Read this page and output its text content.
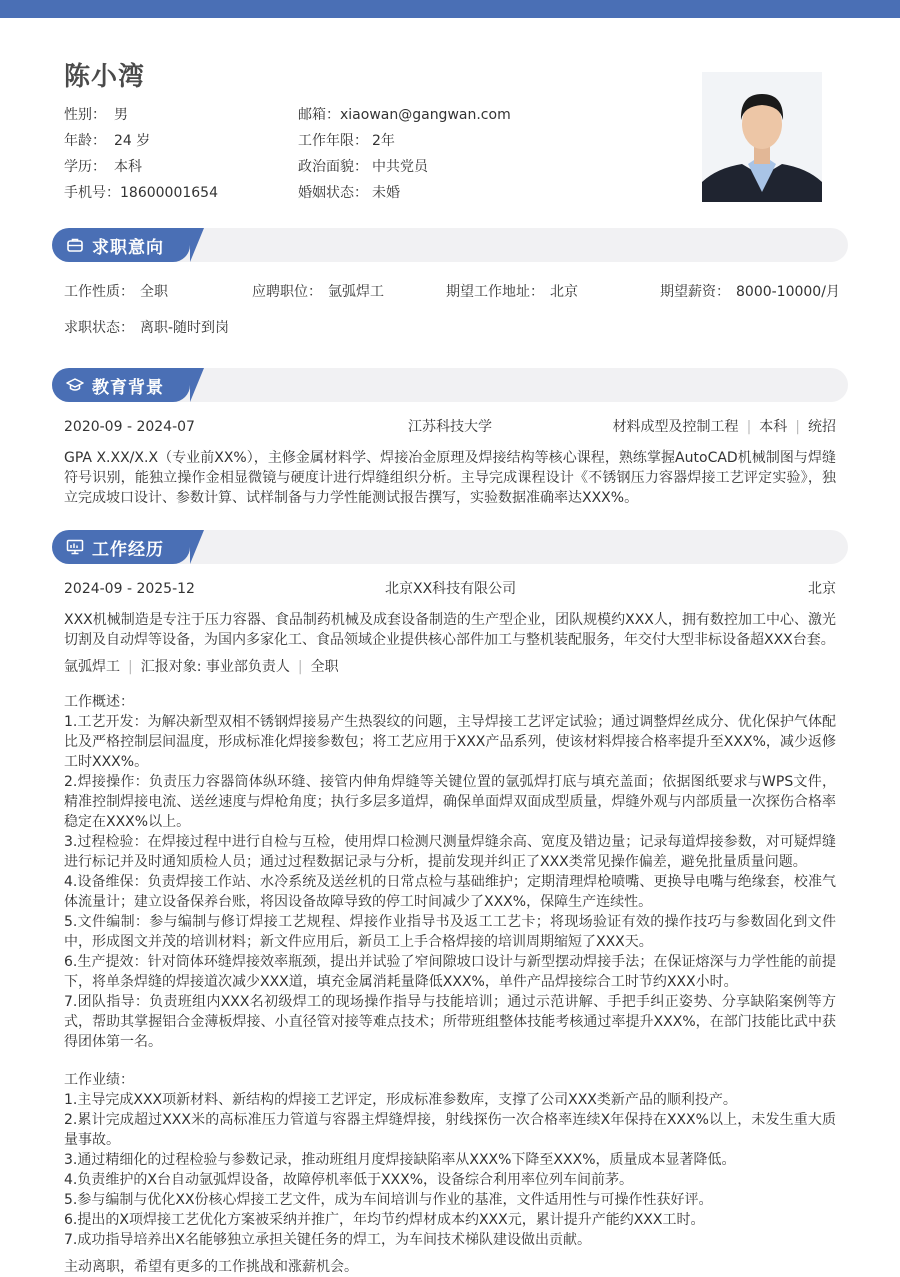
陈小湾
性别： 男
年龄： 24 岁
学历： 本科
手机号：18600001654
邮箱：xiaowan@gangwan.com
工作年限： 2年
政治面貌： 中共党员
婚姻状态： 未婚
求职意向
工作性质： 全职	应聘职位： 氩弧焊工	期望工作地址： 北京	期望薪资： 8000-10000/月
求职状态： 离职-随时到岗
教育背景
2020-09 - 2024-07	江苏科技大学	材料成型及控制工程 | 本科 | 统招
GPA X.XX/X.X（专业前XX%），主修金属材料学、焊接冶金原理及焊接结构等核心课程，熟练掌握AutoCAD机械制图与焊缝符号识别，能独立操作金相显微镜与硬度计进行焊缝组织分析。主导完成课程设计《不锈钢压力容器焊接工艺评定实验》，独立完成坡口设计、参数计算、试样制备与力学性能测试报告撰写，实验数据准确率达XXX%。
工作经历
2024-09 - 2025-12	北京XX科技有限公司	北京
XXX机械制造是专注于压力容器、食品制药机械及成套设备制造的生产型企业，团队规模约XXX人，拥有数控加工中心、激光切割及自动焊等设备，为国内多家化工、食品领域企业提供核心部件加工与整机装配服务，年交付大型非标设备超XXX台套。
氩弧焊工 | 汇报对象: 事业部负责人 | 全职
工作概述：
1.工艺开发：为解决新型双相不锈钢焊接易产生热裂纹的问题，主导焊接工艺评定试验；通过调整焊丝成分、优化保护气体配比及严格控制层间温度，形成标准化焊接参数包；将工艺应用于XXX产品系列，使该材料焊接合格率提升至XXX%，减少返修工时XXX%。
2.焊接操作：负责压力容器筒体纵环缝、接管内伸角焊缝等关键位置的氩弧焊打底与填充盖面；依据图纸要求与WPS文件，精准控制焊接电流、送丝速度与焊枪角度；执行多层多道焊，确保单面焊双面成型质量，焊缝外观与内部质量一次探伤合格率稳定在XXX%以上。
3.过程检验：在焊接过程中进行自检与互检，使用焊口检测尺测量焊缝余高、宽度及错边量；记录每道焊接参数，对可疑焊缝进行标记并及时通知质检人员；通过过程数据记录与分析，提前发现并纠正了XXX类常见操作偏差，避免批量质量问题。
4.设备维保：负责焊接工作站、水冷系统及送丝机的日常点检与基础维护；定期清理焊枪喷嘴、更换导电嘴与绝缘套，校准气体流量计；建立设备保养台账，将因设备故障导致的停工时间减少了XXX%，保障生产连续性。
5.文件编制：参与编制与修订焊接工艺规程、焊接作业指导书及返工工艺卡；将现场验证有效的操作技巧与参数固化到文件中，形成图文并茂的培训材料；新文件应用后，新员工上手合格焊接的培训周期缩短了XXX天。
6.生产提效：针对筒体环缝焊接效率瓶颈，提出并试验了窄间隙坡口设计与新型摆动焊接手法；在保证熔深与力学性能的前提下，将单条焊缝的焊接道次减少XXX道，填充金属消耗量降低XXX%，单件产品焊接综合工时节约XXX小时。
7.团队指导：负责班组内XXX名初级焊工的现场操作指导与技能培训；通过示范讲解、手把手纠正姿势、分享缺陷案例等方式，帮助其掌握铝合金薄板焊接、小直径管对接等难点技术；所带班组整体技能考核通过率提升XXX%，在部门技能比武中获得团体第一名。
工作业绩：
1.主导完成XXX项新材料、新结构的焊接工艺评定，形成标准参数库，支撑了公司XXX类新产品的顺利投产。
2.累计完成超过XXX米的高标准压力管道与容器主焊缝焊接，射线探伤一次合格率连续X年保持在XXX%以上，未发生重大质量事故。
3.通过精细化的过程检验与参数记录，推动班组月度焊接缺陷率从XXX%下降至XXX%，质量成本显著降低。
4.负责维护的X台自动氩弧焊设备，故障停机率低于XXX%，设备综合利用率位列车间前茅。
5.参与编制与优化XX份核心焊接工艺文件，成为车间培训与作业的基准，文件适用性与可操作性获好评。
6.提出的X项焊接工艺优化方案被采纳并推广，年均节约焊材成本约XXX元，累计提升产能约XXX工时。
7.成功指导培养出X名能够独立承担关键任务的焊工，为车间技术梯队建设做出贡献。
主动离职，希望有更多的工作挑战和涨薪机会。
